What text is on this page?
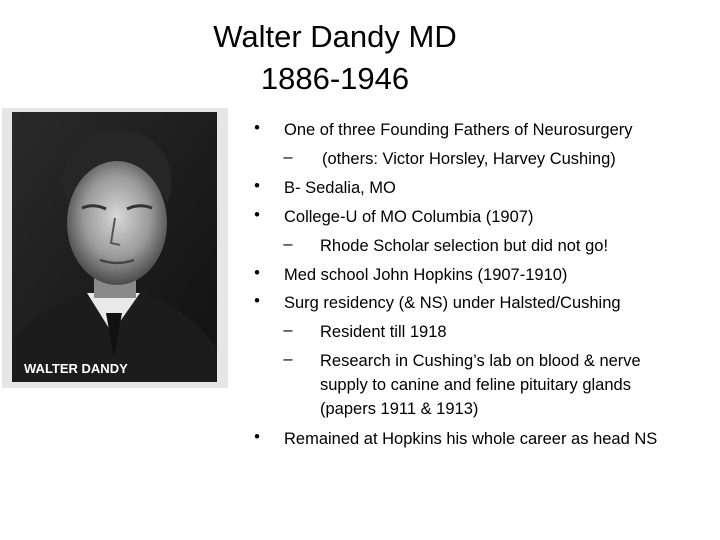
Walter Dandy MD
1886-1946
WALTER DANDY
• One of three Founding Fathers of Neurosurgery
– (others: Victor Horsley, Harvey Cushing)
• B- Sedalia, MO
• College-U of MO Columbia (1907)
– Rhode Scholar selection but did not go!
• Med school John Hopkins (1907-1910)
• Surg residency (& NS) under Halsted/Cushing
– Resident till 1918
– Research in Cushing’s lab on blood & nerve
supply to canine and feline pituitary glands
(papers 1911 & 1913)
• Remained at Hopkins his whole career as head NS
